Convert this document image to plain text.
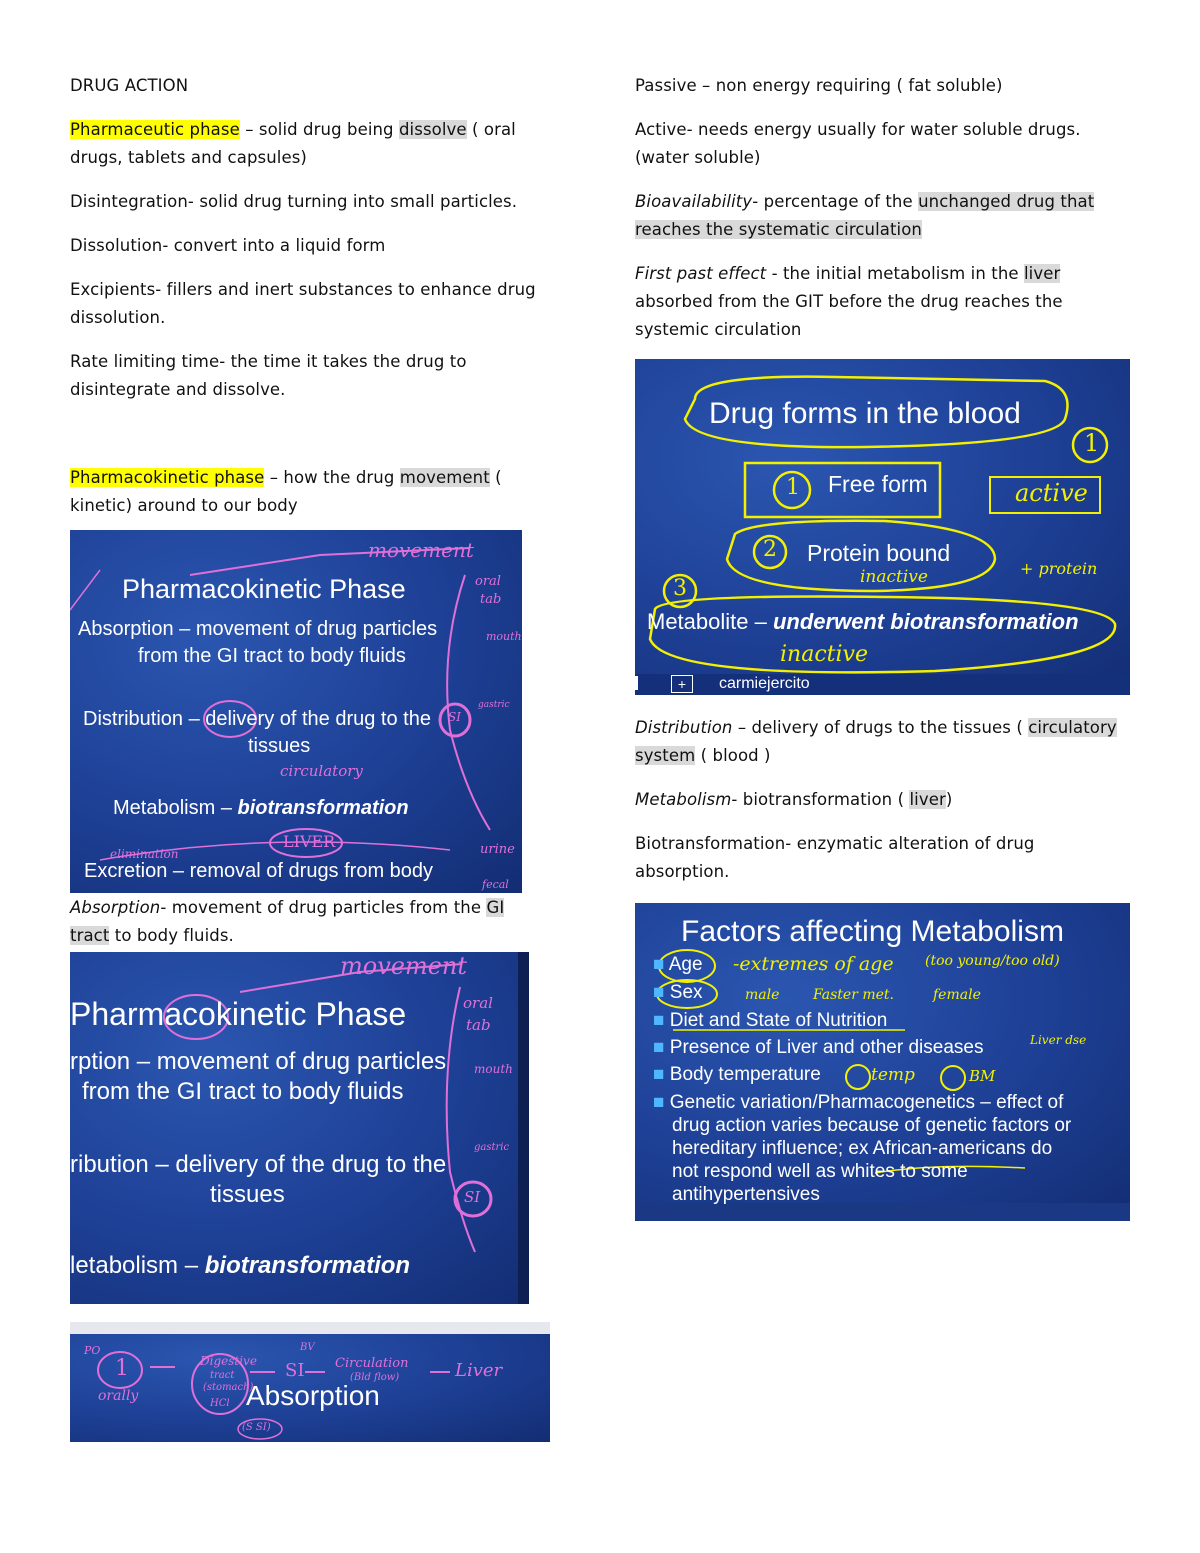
DRUG ACTION

Pharmaceutic phase – solid drug being dissolve ( oral drugs, tablets and capsules)

Disintegration- solid drug turning into small particles.

Dissolution- convert into a liquid form

Excipients- fillers and inert substances to enhance drug dissolution.

Rate limiting time- the time it takes the drug to disintegrate and dissolve.

Pharmacokinetic phase – how the drug movement ( kinetic) around to our body

Absorption- movement of drug particles from the GI tract to body fluids.

Passive – non energy requiring ( fat soluble)

Active- needs energy usually for water soluble drugs.(water soluble)

Bioavailability- percentage of the unchanged drug that reaches the systematic circulation

First past effect - the initial metabolism in the liver absorbed from the GIT before the drug reaches the systemic circulation

Distribution – delivery of drugs to the tissues ( circulatory system ( blood )

Metabolism- biotransformation ( liver)

Biotransformation- enzymatic alteration of drug absorption.

movement
oral
tab
mouth
gastric
SI
circulatory
LIVER
elimination	urine
fecal
Pharmacokinetic Phase
Absorption – movement of drug particles
from the GI tract to body fluids
Distribution – delivery of the drug to the
tissues
Metabolism – biotransformation
Excretion – removal of drugs from body
movement
oral
tab
mouth
gastric
SI
Pharmacokinetic Phase
rption – movement of drug particles
from the GI tract to body fluids
ribution – delivery of the drug to the
tissues
letabolism – biotransformation
PO
1
orally
Digestive
tract
(stomach)
HCl
SI
BV
Circulation
(Bld flow)	Liver
(S SI)
Absorption
1
1
2
3
active
inactive	+ protein
inactive
Drug forms in the blood
Free form
Protein bound
Metabolite – underwent biotransformation
+	carmiejercito
Factors affecting Metabolism
■ Age
■ Sex
■ Diet and State of Nutrition
■ Presence of Liver and other diseases
■ Body temperature
■ Genetic variation/Pharmacogenetics – effect of
drug action varies because of genetic factors or
hereditary influence; ex African-americans do
not respond well as whites to some
antihypertensives
-extremes of age (too young/too old)
male Faster met.	female
Liver dse
temp	BM
